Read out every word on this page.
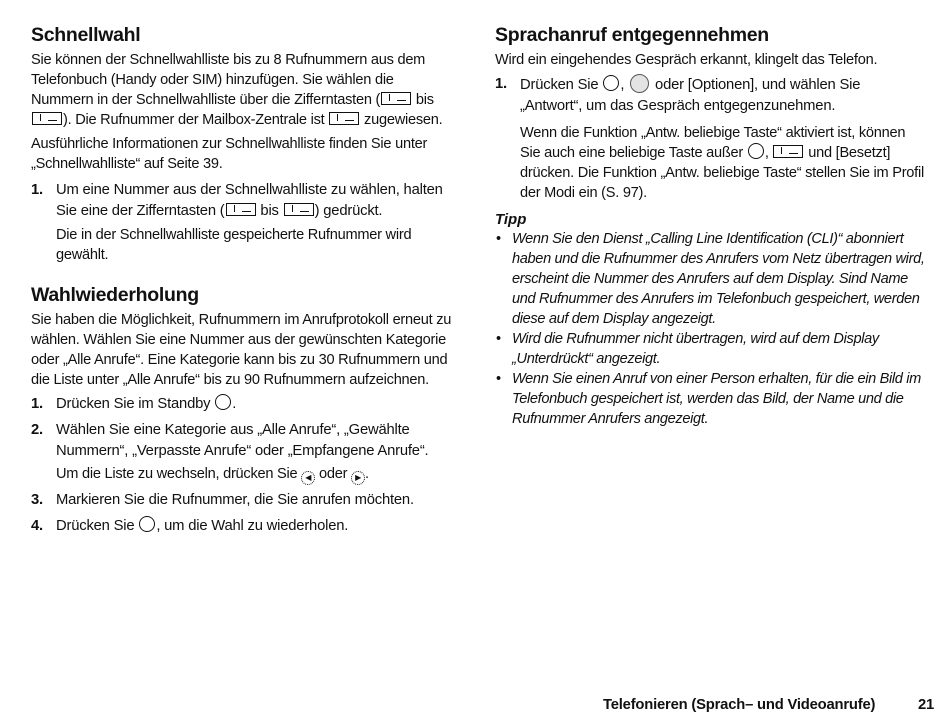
Schnellwahl

Sie können der Schnellwahlliste bis zu 8 Rufnummern aus dem Telefonbuch (Handy oder SIM) hinzufügen. Sie wählen die Nummern in der Schnellwahlliste über die Zifferntasten ( bis ). Die Rufnummer der Mailbox-Zentrale ist  zugewiesen.

Ausführliche Informationen zur Schnellwahlliste finden Sie unter „Schnellwahlliste“ auf Seite 39.

1. Um eine Nummer aus der Schnellwahlliste zu wählen, halten Sie eine der Zifferntasten ( bis ) gedrückt.

Die in der Schnellwahlliste gespeicherte Rufnummer wird gewählt.

Wahlwiederholung

Sie haben die Möglichkeit, Rufnummern im Anrufprotokoll erneut zu wählen. Wählen Sie eine Nummer aus der gewünschten Kategorie oder „Alle Anrufe“. Eine Kategorie kann bis zu 30 Rufnummern und die Liste unter „Alle Anrufe“ bis zu 90 Rufnummern aufzeichnen.

1. Drücken Sie im Standby .
2. Wählen Sie eine Kategorie aus „Alle Anrufe“, „Gewählte Nummern“, „Verpasste Anrufe“ oder „Empfangene Anrufe“.

Um die Liste zu wechseln, drücken Sie ◀ oder ▶ .

3. Markieren Sie die Rufnummer, die Sie anrufen möchten.
4. Drücken Sie , um die Wahl zu wiederholen.
Sprachanruf entgegennehmen

Wird ein eingehendes Gespräch erkannt, klingelt das Telefon.

1. Drücken Sie ,  oder [Optionen], und wählen Sie „Antwort“, um das Gespräch entgegenzunehmen.

Wenn die Funktion „Antw. beliebige Taste“ aktiviert ist, können Sie auch eine beliebige Taste außer ,  und [Besetzt] drücken. Die Funktion „Antw. beliebige Taste“ stellen Sie im Profil der Modi ein (S. 97).

Tipp

• Wenn Sie den Dienst „Calling Line Identification (CLI)“ abonniert haben und die Rufnummer des Anrufers vom Netz übertragen wird, erscheint die Nummer des Anrufers auf dem Display. Sind Name und Rufnummer des Anrufers im Telefonbuch gespeichert, werden diese auf dem Display angezeigt.
• Wird die Rufnummer nicht übertragen, wird auf dem Display „Unterdrückt“ angezeigt.
• Wenn Sie einen Anruf von einer Person erhalten, für die ein Bild im Telefonbuch gespeichert ist, werden das Bild, der Name und die Rufnummer Anrufers angezeigt.
Telefonieren (Sprach– und Videoanrufe)	21
